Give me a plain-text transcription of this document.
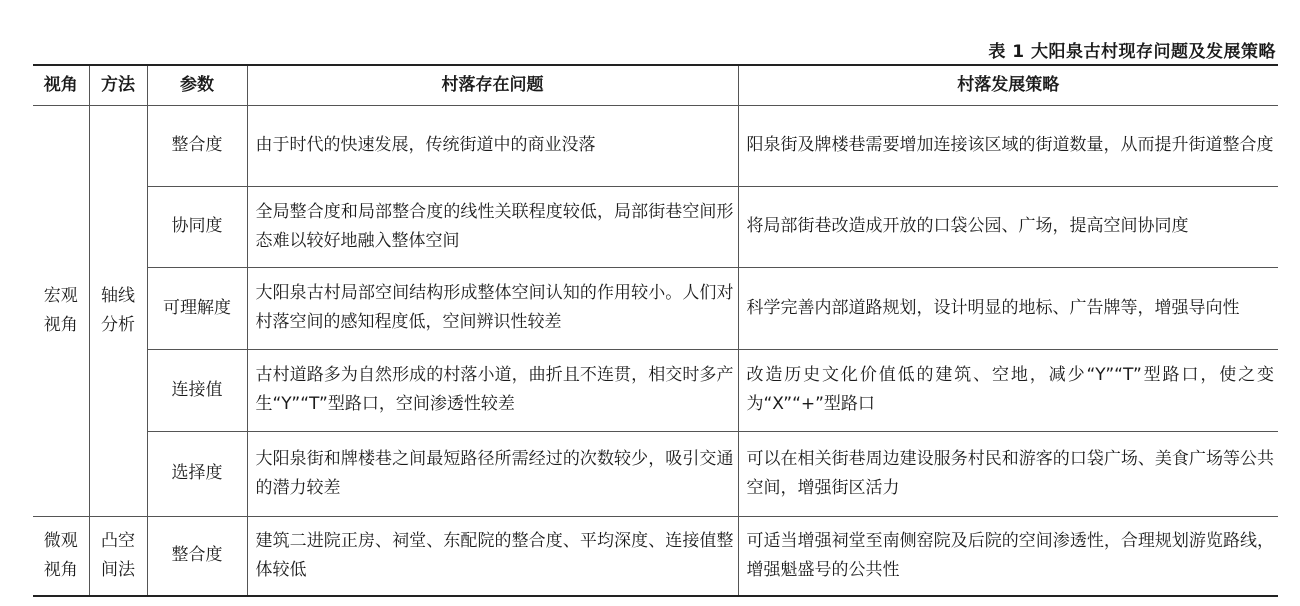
表 1 大阳泉古村现存问题及发展策略
视角	方法	参数	村落存在问题	村落发展策略
宏观视角	轴线分析	整合度	由于时代的快速发展，传统街道中的商业没落	阳泉街及牌楼巷需要增加连接该区域的街道数量，从而提升街道整合度
		协同度	全局整合度和局部整合度的线性关联程度较低，局部街巷空间形态难以较好地融入整体空间	将局部街巷改造成开放的口袋公园、广场，提高空间协同度
		可理解度	大阳泉古村局部空间结构形成整体空间认知的作用较小。人们对村落空间的感知程度低，空间辨识性较差	科学完善内部道路规划，设计明显的地标、广告牌等，增强导向性
		连接值	古村道路多为自然形成的村落小道，曲折且不连贯，相交时多产生“Y”“T”型路口，空间渗透性较差	改造历史文化价值低的建筑、空地，减少“Y”“T”型路口，使之变为“X”“+”型路口
		选择度	大阳泉街和牌楼巷之间最短路径所需经过的次数较少，吸引交通的潜力较差	可以在相关街巷周边建设服务村民和游客的口袋广场、美食广场等公共空间，增强街区活力
微观视角	凸空间法	整合度	建筑二进院正房、祠堂、东配院的整合度、平均深度、连接值整体较低	可适当增强祠堂至南侧窑院及后院的空间渗透性，合理规划游览路线，增强魁盛号的公共性
